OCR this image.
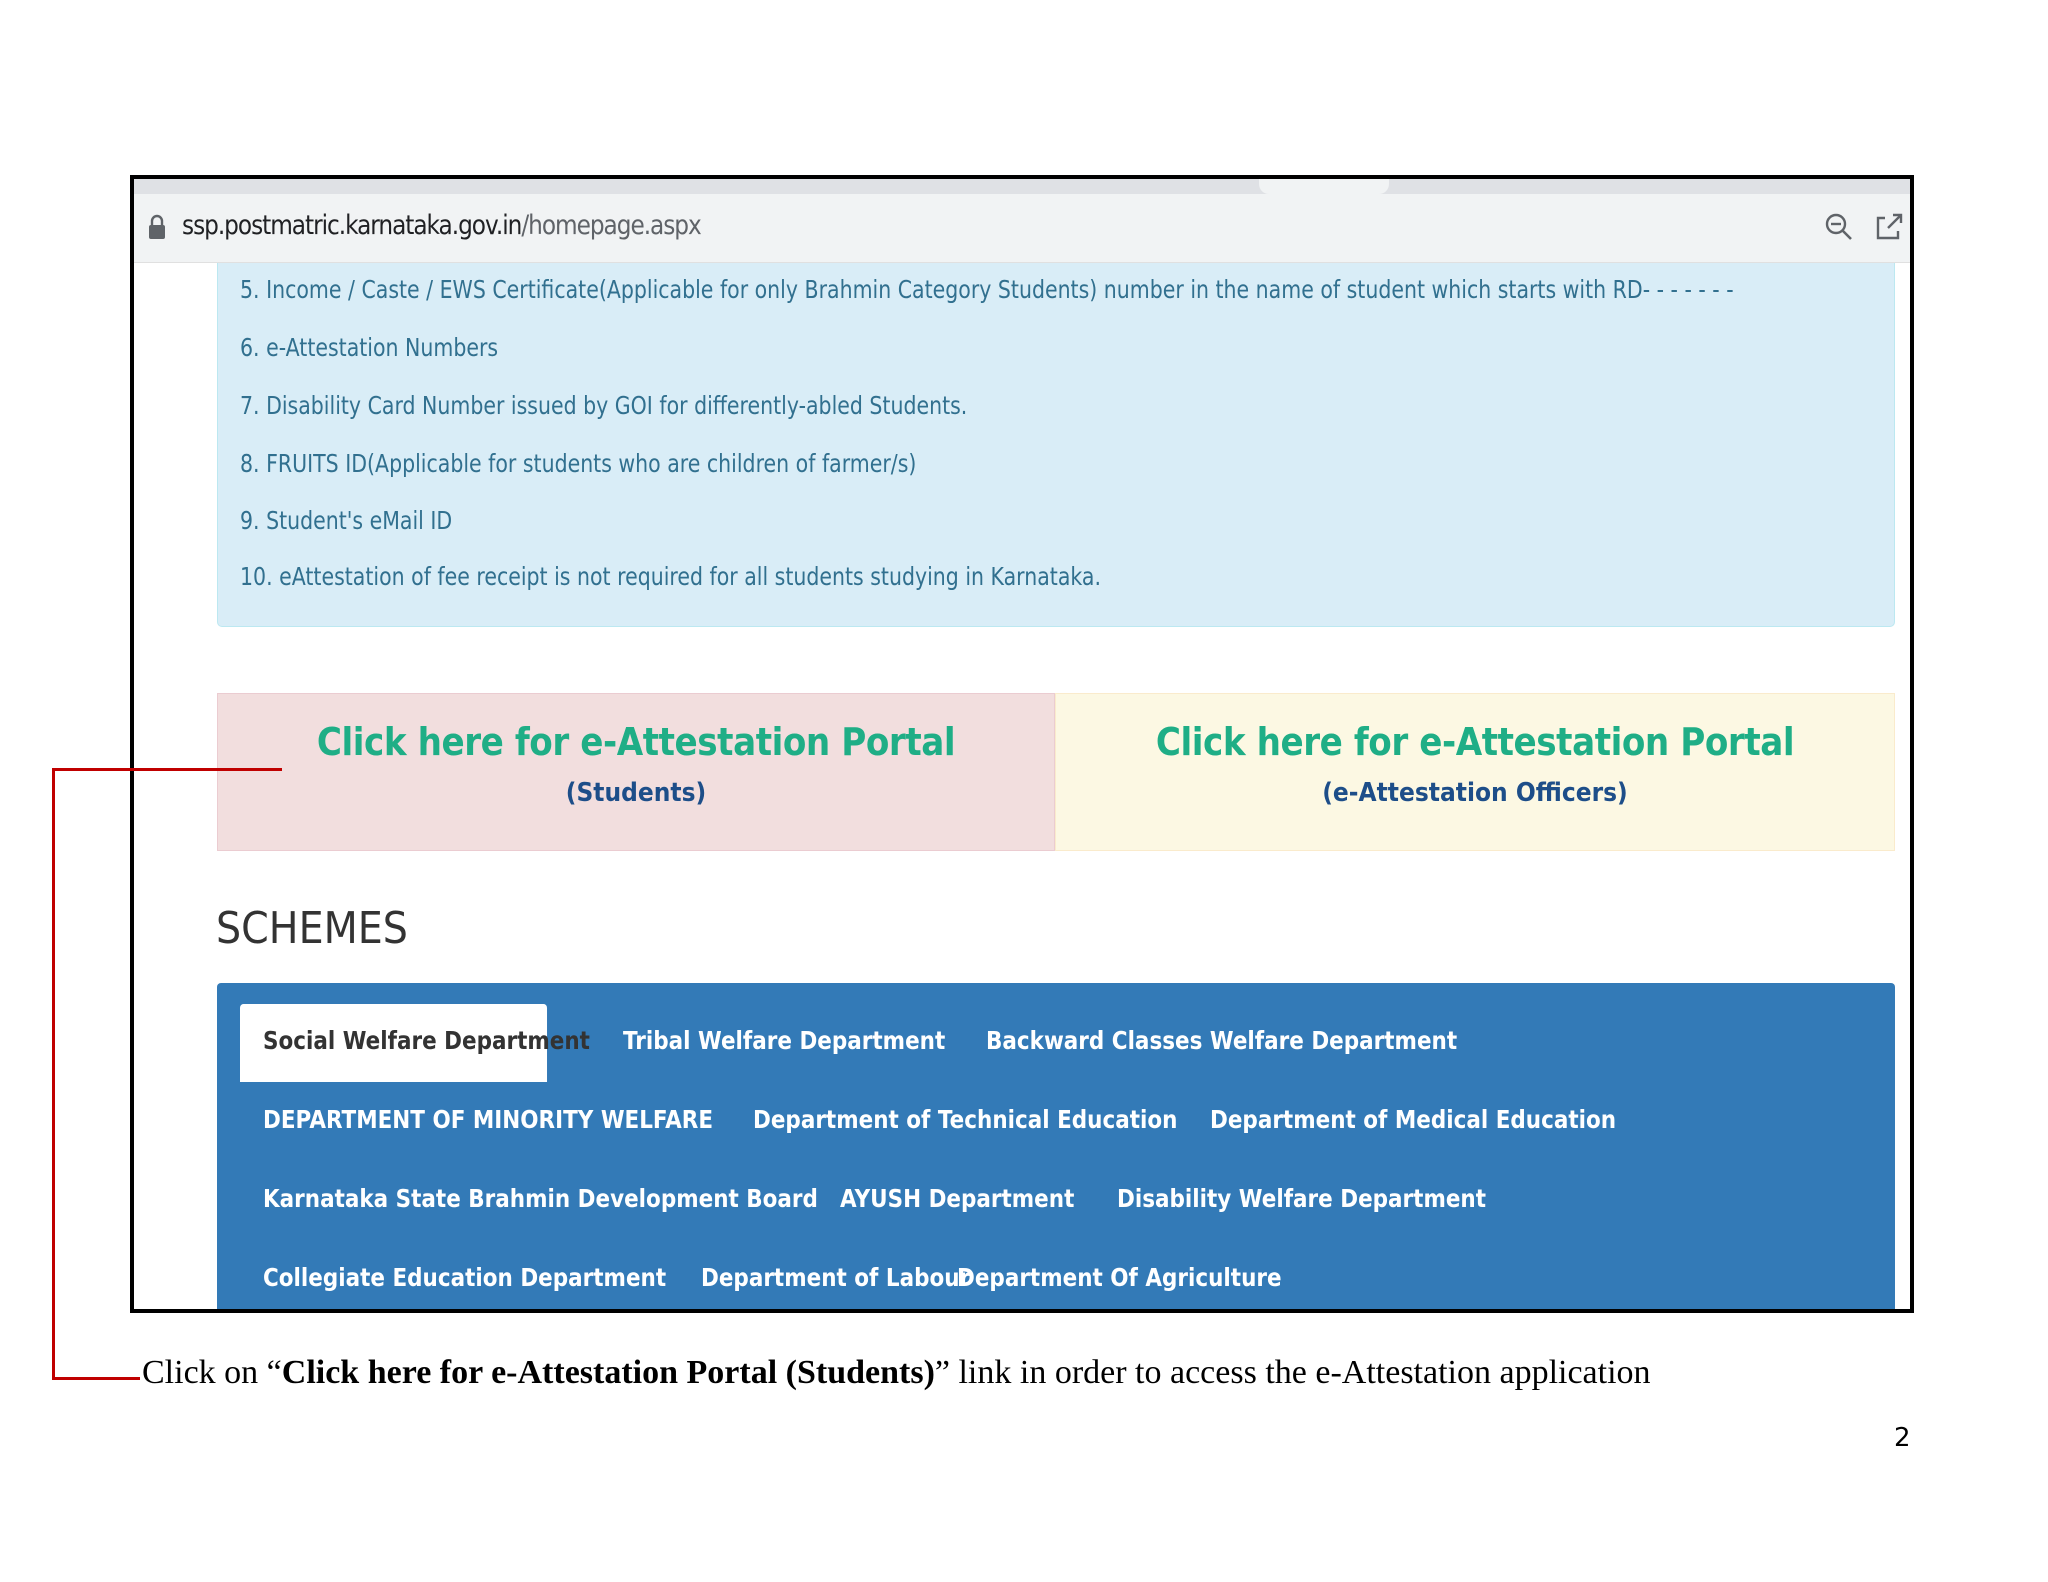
ssp.postmatric.karnataka.gov.in/homepage.aspx
5. Income / Caste / EWS Certificate(Applicable for only Brahmin Category Students) number in the name of student which starts with RD- - - - - - -
6. e-Attestation Numbers
7. Disability Card Number issued by GOI for differently-abled Students.
8. FRUITS ID(Applicable for students who are children of farmer/s)
9. Student's eMail ID
10. eAttestation of fee receipt is not required for all students studying in Karnataka.
Click here for e-Attestation Portal
(Students)
Click here for e-Attestation Portal
(e-Attestation Officers)
SCHEMES
Social Welfare Department Tribal Welfare Department Backward Classes Welfare Department
DEPARTMENT OF MINORITY WELFARE Department of Technical Education Department of Medical Education
Karnataka State Brahmin Development Board AYUSH Department Disability Welfare Department
Collegiate Education Department Department of Labour
Department Of Agriculture
Click on “Click here for e-Attestation Portal (Students)” link in order to access the e-Attestation application
2
